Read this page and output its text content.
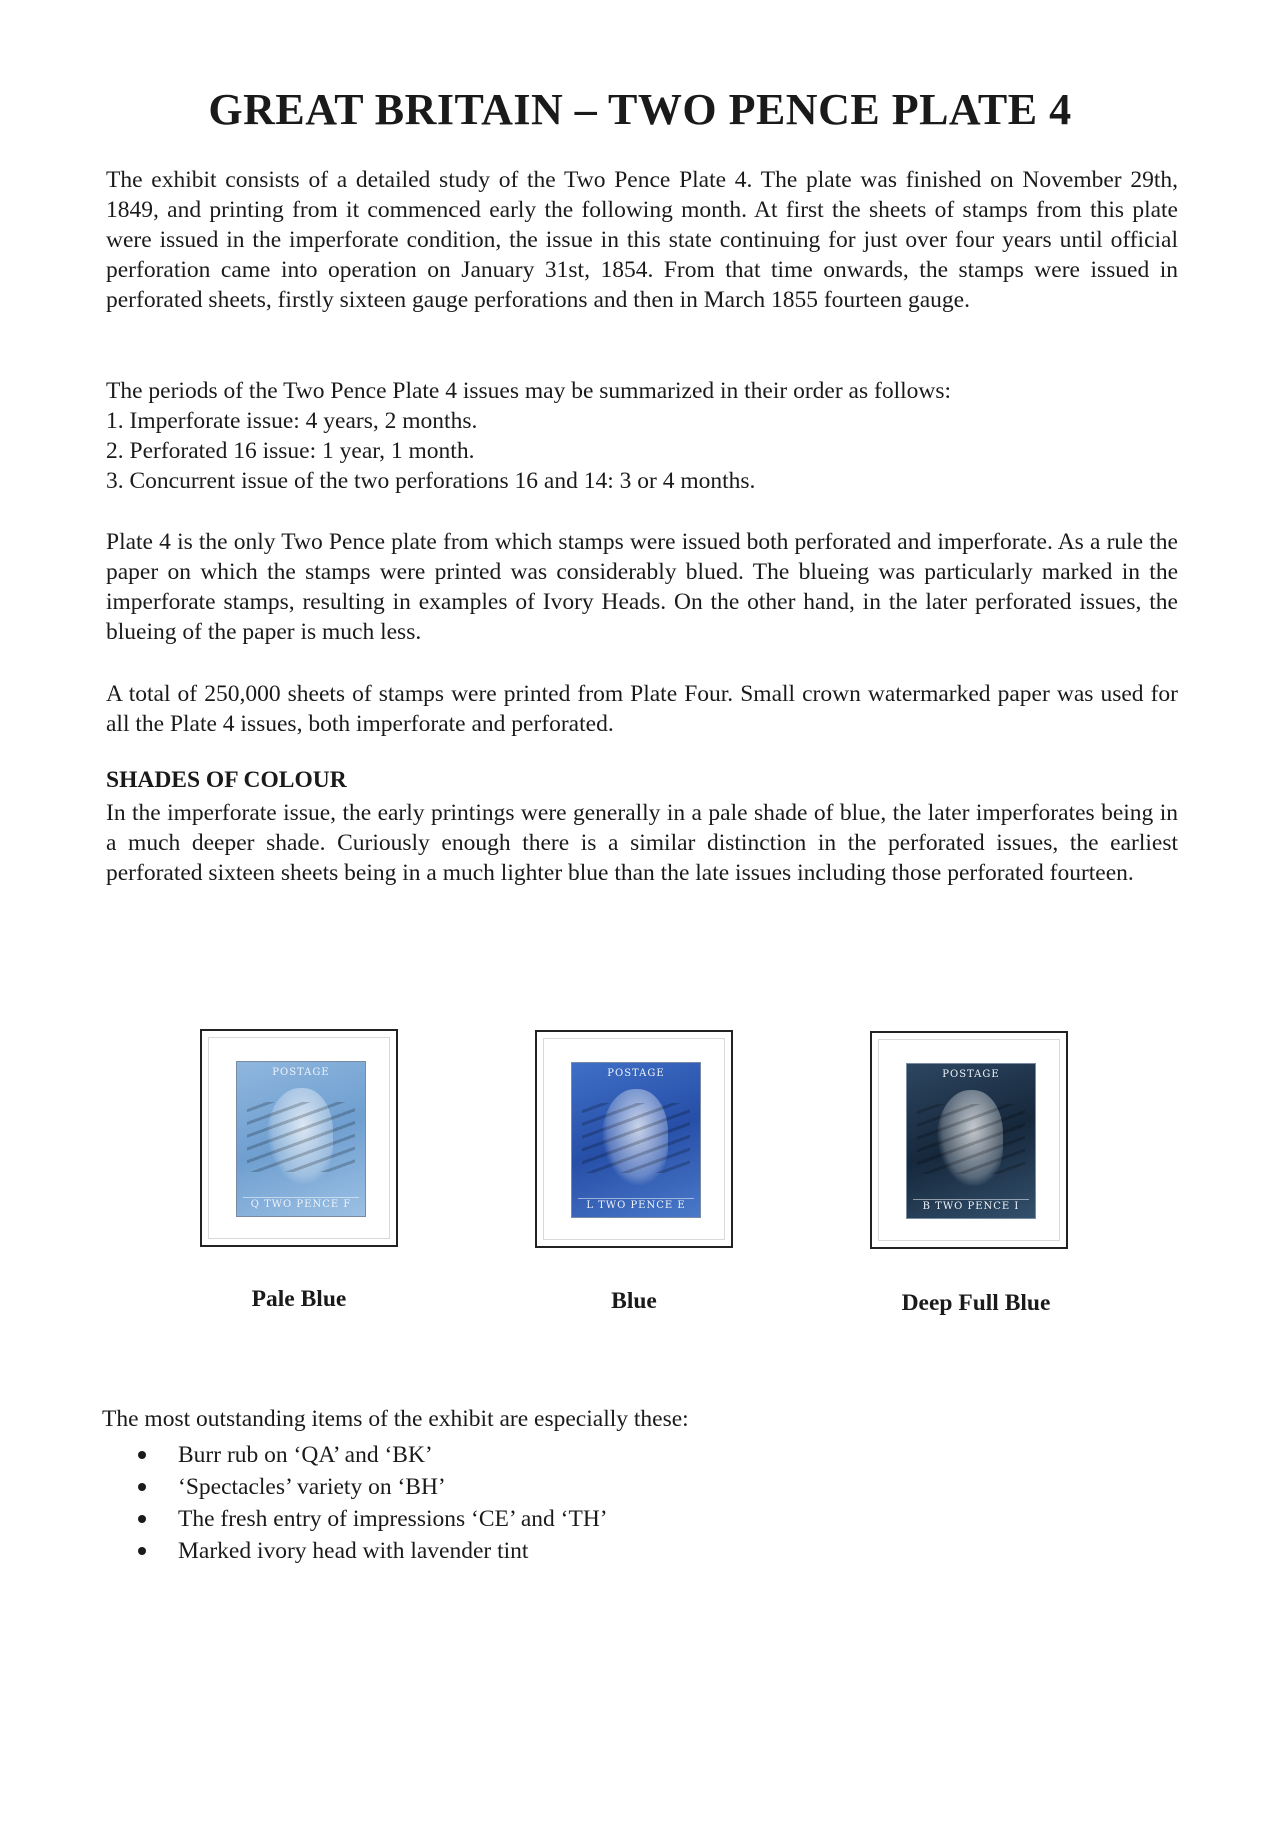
GREAT BRITAIN – TWO PENCE PLATE 4

The exhibit consists of a detailed study of the Two Pence Plate 4. The plate was finished on November 29th, 1849, and printing from it commenced early the following month. At first the sheets of stamps from this plate were issued in the imperforate condition, the issue in this state continuing for just over four years until official perforation came into operation on January 31st, 1854. From that time onwards, the stamps were issued in perforated sheets, firstly sixteen gauge perforations and then in March 1855 fourteen gauge.

The periods of the Two Pence Plate 4 issues may be summarized in their order as follows:
1. Imperforate issue: 4 years, 2 months.
2. Perforated 16 issue: 1 year, 1 month.
3. Concurrent issue of the two perforations 16 and 14: 3 or 4 months.

Plate 4 is the only Two Pence plate from which stamps were issued both perforated and imperforate. As a rule the paper on which the stamps were printed was considerably blued. The blueing was particularly marked in the imperforate stamps, resulting in examples of Ivory Heads. On the other hand, in the later perforated issues, the blueing of the paper is much less.

A total of 250,000 sheets of stamps were printed from Plate Four. Small crown watermarked paper was used for all the Plate 4 issues, both imperforate and perforated.

SHADES OF COLOUR

In the imperforate issue, the early printings were generally in a pale shade of blue, the later imperforates being in a much deeper shade. Curiously enough there is a similar distinction in the perforated issues, the earliest perforated sixteen sheets being in a much lighter blue than the late issues including those perforated fourteen.

POSTAGE
Q TWO PENCE F
POSTAGE
L TWO PENCE E
POSTAGE
B TWO PENCE I

Pale Blue	Blue	Deep Full Blue

The most outstanding items of the exhibit are especially these:

Burr rub on ‘QA’ and ‘BK’
‘Spectacles’ variety on ‘BH’
The fresh entry of impressions ‘CE’ and ‘TH’
Marked ivory head with lavender tint
